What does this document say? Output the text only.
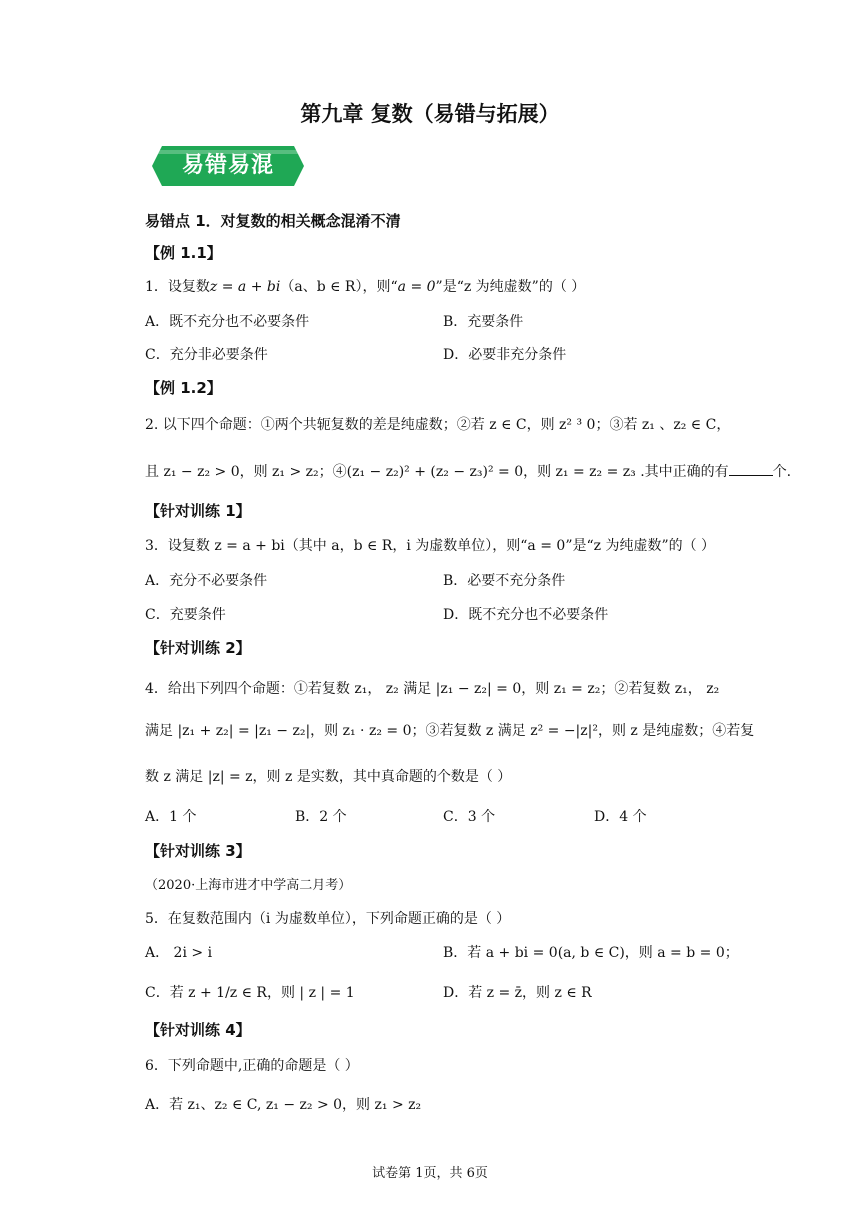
第九章 复数（易错与拓展）
易错易混
易错点 1．对复数的相关概念混淆不清
【例 1.1】
1．设复数z = a + bi（a、b ∈ R），则“a = 0”是“z 为纯虚数”的（ ）
A．既不充分也不必要条件	B．充要条件
C．充分非必要条件	D．必要非充分条件
【例 1.2】
2. 以下四个命题：①两个共轭复数的差是纯虚数；②若 z ∈ C，则 z² ³ 0；③若 z₁ 、z₂ ∈ C，
且 z₁ − z₂ > 0，则 z₁ > z₂；④(z₁ − z₂)² + (z₂ − z₃)² = 0，则 z₁ = z₂ = z₃ .其中正确的有	个.
【针对训练 1】
3．设复数 z = a + bi（其中 a，b ∈ R，i 为虚数单位），则“a = 0”是“z 为纯虚数”的（ ）
A．充分不必要条件	B．必要不充分条件
C．充要条件	D．既不充分也不必要条件
【针对训练 2】
4．给出下列四个命题：①若复数 z₁， z₂ 满足 |z₁ − z₂| = 0，则 z₁ = z₂；②若复数 z₁， z₂
满足 |z₁ + z₂| = |z₁ − z₂|，则 z₁ · z₂ = 0；③若复数 z 满足 z² = −|z|²，则 z 是纯虚数；④若复
数 z 满足 |z| = z，则 z 是实数，其中真命题的个数是（ ）
A．1 个	B．2 个	C．3 个	D．4 个
【针对训练 3】
（2020·上海市进才中学高二月考）
5．在复数范围内（i 为虚数单位），下列命题正确的是（ ）
A． 2i > i	B．若 a + bi = 0(a, b ∈ C)，则 a = b = 0；
C．若 z + 1/z ∈ R，则 | z | = 1	D．若 z = z̄，则 z ∈ R
【针对训练 4】
6．下列命题中,正确的命题是（ ）
A．若 z₁、z₂ ∈ C, z₁ − z₂ > 0，则 z₁ > z₂
试卷第 1页，共 6页
